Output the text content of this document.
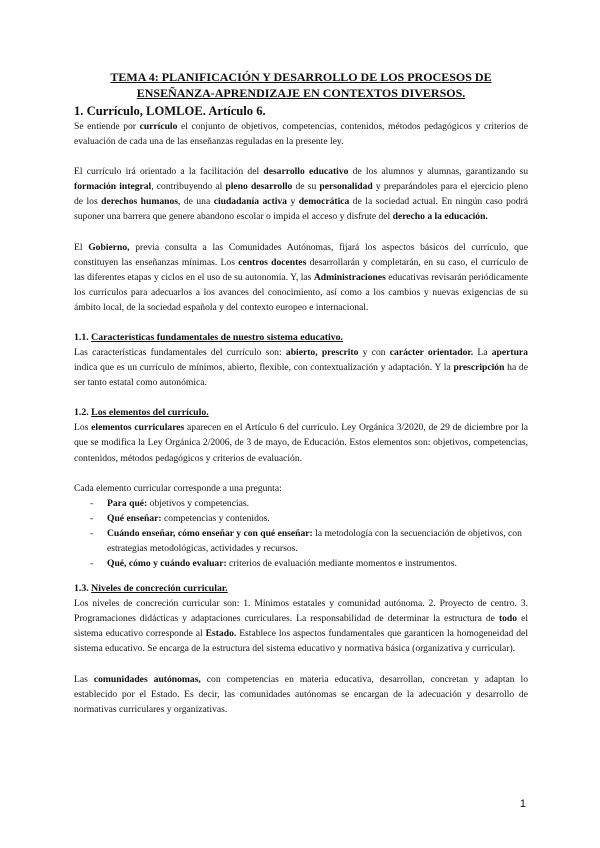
TEMA 4: PLANIFICACIÓN Y DESARROLLO DE LOS PROCESOS DE
ENSEÑANZA-APRENDIZAJE EN CONTEXTOS DIVERSOS.

1. Currículo, LOMLOE. Artículo 6.

Se entiende por currículo el conjunto de objetivos, competencias, contenidos, métodos pedagógicos y criterios de evaluación de cada una de las enseñanzas reguladas en la presente ley.

El currículo irá orientado a la facilitación del desarrollo educativo de los alumnos y alumnas, garantizando su formación integral, contribuyendo al pleno desarrollo de su personalidad y preparándoles para el ejercicio pleno de los derechos humanos, de una ciudadanía activa y democrática de la sociedad actual. En ningún caso podrá suponer una barrera que genere abandono escolar o impida el acceso y disfrute del derecho a la educación.

El Gobierno, previa consulta a las Comunidades Autónomas, fijará los aspectos básicos del currículo, que constituyen las enseñanzas mínimas. Los centros docentes desarrollarán y completarán, en su caso, el currículo de las diferentes etapas y ciclos en el uso de su autonomía. Y, las Administraciones educativas revisarán periódicamente los currículos para adecuarlos a los avances del conocimiento, así como a los cambios y nuevas exigencias de su ámbito local, de la sociedad española y del contexto europeo e internacional.

1.1. Características fundamentales de nuestro sistema educativo.

Las características fundamentales del currículo son: abierto, prescrito y con carácter orientador. La apertura indica que es un currículo de mínimos, abierto, flexible, con contextualización y adaptación. Y la prescripción ha de ser tanto estatal como autonómica.

1.2. Los elementos del currículo.

Los elementos curriculares aparecen en el Artículo 6 del currículo. Ley Orgánica 3/2020, de 29 de diciembre por la que se modifica la Ley Orgánica 2/2006, de 3 de mayo, de Educación. Estos elementos son: objetivos, competencias, contenidos, métodos pedagógicos y criterios de evaluación.

Cada elemento curricular corresponde a una pregunta:

- Para qué: objetivos y competencias.
- Qué enseñar: competencias y contenidos.
- Cuándo enseñar, cómo enseñar y con qué enseñar: la metodología con la secuenciación de objetivos, con estrategias metodológicas, actividades y recursos.
- Qué, cómo y cuándo evaluar: criterios de evaluación mediante momentos e instrumentos.

1.3. Niveles de concreción curricular.

Los niveles de concreción curricular son: 1. Mínimos estatales y comunidad autónoma. 2. Proyecto de centro. 3. Programaciones didácticas y adaptaciones curriculares. La responsabilidad de determinar la estructura de todo el sistema educativo corresponde al Estado. Establece los aspectos fundamentales que garanticen la homogeneidad del sistema educativo. Se encarga de la estructura del sistema educativo y normativa básica (organizativa y curricular).

Las comunidades autónomas, con competencias en materia educativa, desarrollan, concretan y adaptan lo establecido por el Estado. Es decir, las comunidades autónomas se encargan de la adecuación y desarrollo de normativas curriculares y organizativas.

1
